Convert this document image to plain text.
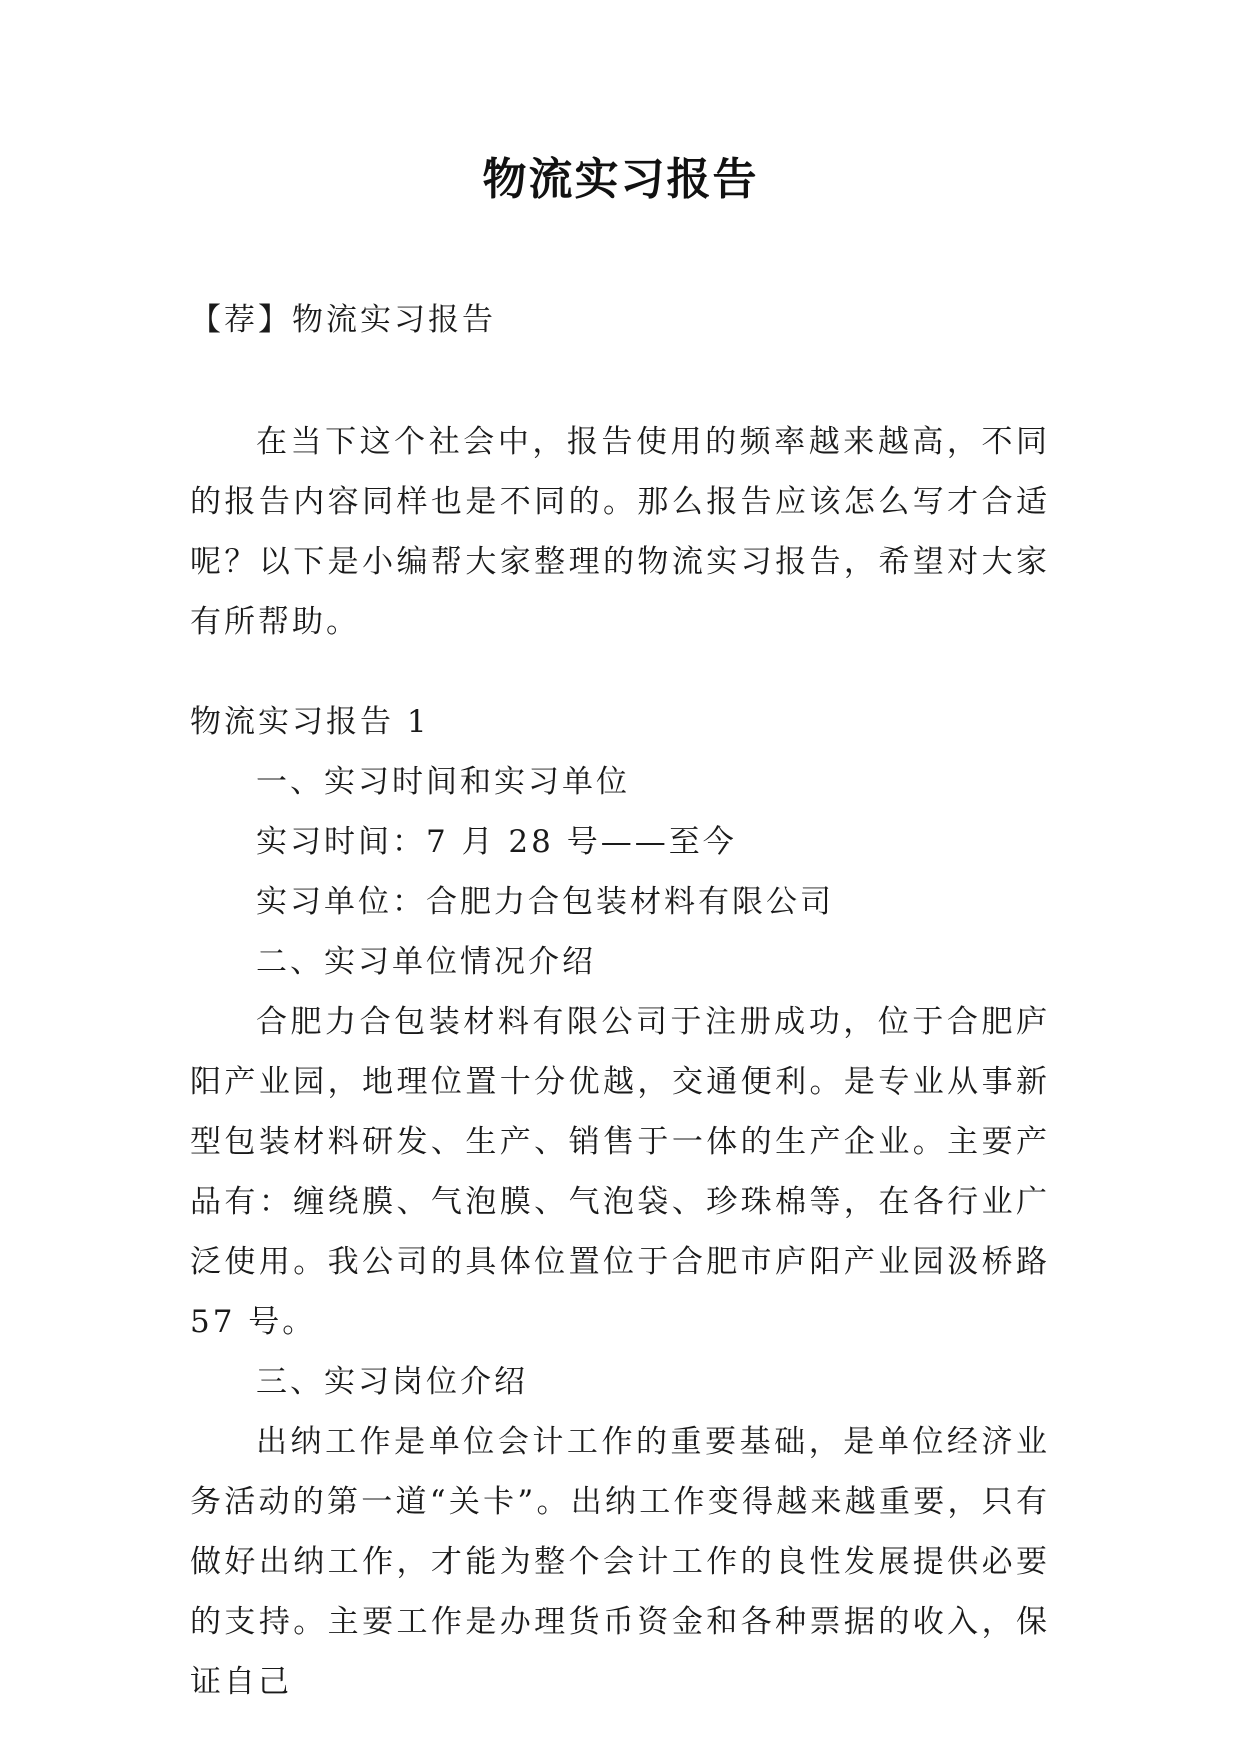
物流实习报告

【荐】物流实习报告

在当下这个社会中，报告使用的频率越来越高，不同的报告内容同样也是不同的。那么报告应该怎么写才合适呢？以下是小编帮大家整理的物流实习报告，希望对大家有所帮助。

物流实习报告 1

一、实习时间和实习单位

实习时间：7 月 28 号——至今

实习单位：合肥力合包装材料有限公司

二、实习单位情况介绍

合肥力合包装材料有限公司于注册成功，位于合肥庐阳产业园，地理位置十分优越，交通便利。是专业从事新型包装材料研发、生产、销售于一体的生产企业。主要产品有：缠绕膜、气泡膜、气泡袋、珍珠棉等，在各行业广泛使用。我公司的具体位置位于合肥市庐阳产业园汲桥路 57 号。

三、实习岗位介绍

出纳工作是单位会计工作的重要基础，是单位经济业务活动的第一道“关卡”。出纳工作变得越来越重要，只有做好出纳工作，才能为整个会计工作的良性发展提供必要的支持。主要工作是办理货币资金和各种票据的收入，保证自己
